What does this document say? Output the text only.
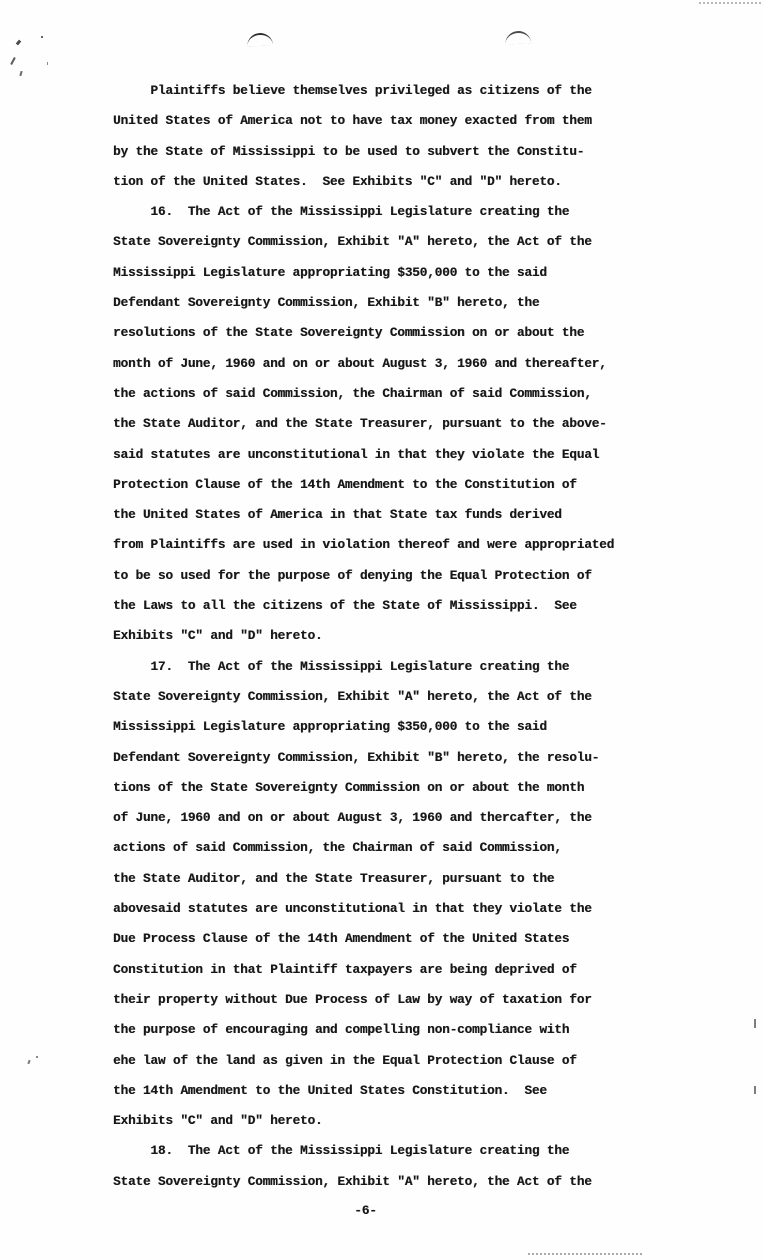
Plaintiffs believe themselves privileged as citizens of the
United States of America not to have tax money exacted from them
by the State of Mississippi to be used to subvert the Constitu-
tion of the United States.  See Exhibits "C" and "D" hereto.
16.  The Act of the Mississippi Legislature creating the
State Sovereignty Commission, Exhibit "A" hereto, the Act of the
Mississippi Legislature appropriating $350,000 to the said
Defendant Sovereignty Commission, Exhibit "B" hereto, the
resolutions of the State Sovereignty Commission on or about the
month of June, 1960 and on or about August 3, 1960 and thereafter,
the actions of said Commission, the Chairman of said Commission,
the State Auditor, and the State Treasurer, pursuant to the above-
said statutes are unconstitutional in that they violate the Equal
Protection Clause of the 14th Amendment to the Constitution of
the United States of America in that State tax funds derived
from Plaintiffs are used in violation thereof and were appropriated
to be so used for the purpose of denying the Equal Protection of
the Laws to all the citizens of the State of Mississippi.  See
Exhibits "C" and "D" hereto.
17.  The Act of the Mississippi Legislature creating the
State Sovereignty Commission, Exhibit "A" hereto, the Act of the
Mississippi Legislature appropriating $350,000 to the said
Defendant Sovereignty Commission, Exhibit "B" hereto, the resolu-
tions of the State Sovereignty Commission on or about the month
of June, 1960 and on or about August 3, 1960 and thercafter, the
actions of said Commission, the Chairman of said Commission,
the State Auditor, and the State Treasurer, pursuant to the
abovesaid statutes are unconstitutional in that they violate the
Due Process Clause of the 14th Amendment of the United States
Constitution in that Plaintiff taxpayers are being deprived of
their property without Due Process of Law by way of taxation for
the purpose of encouraging and compelling non-compliance with
ehe law of the land as given in the Equal Protection Clause of
the 14th Amendment to the United States Constitution.  See
Exhibits "C" and "D" hereto.
18.  The Act of the Mississippi Legislature creating the
State Sovereignty Commission, Exhibit "A" hereto, the Act of the
-6-
